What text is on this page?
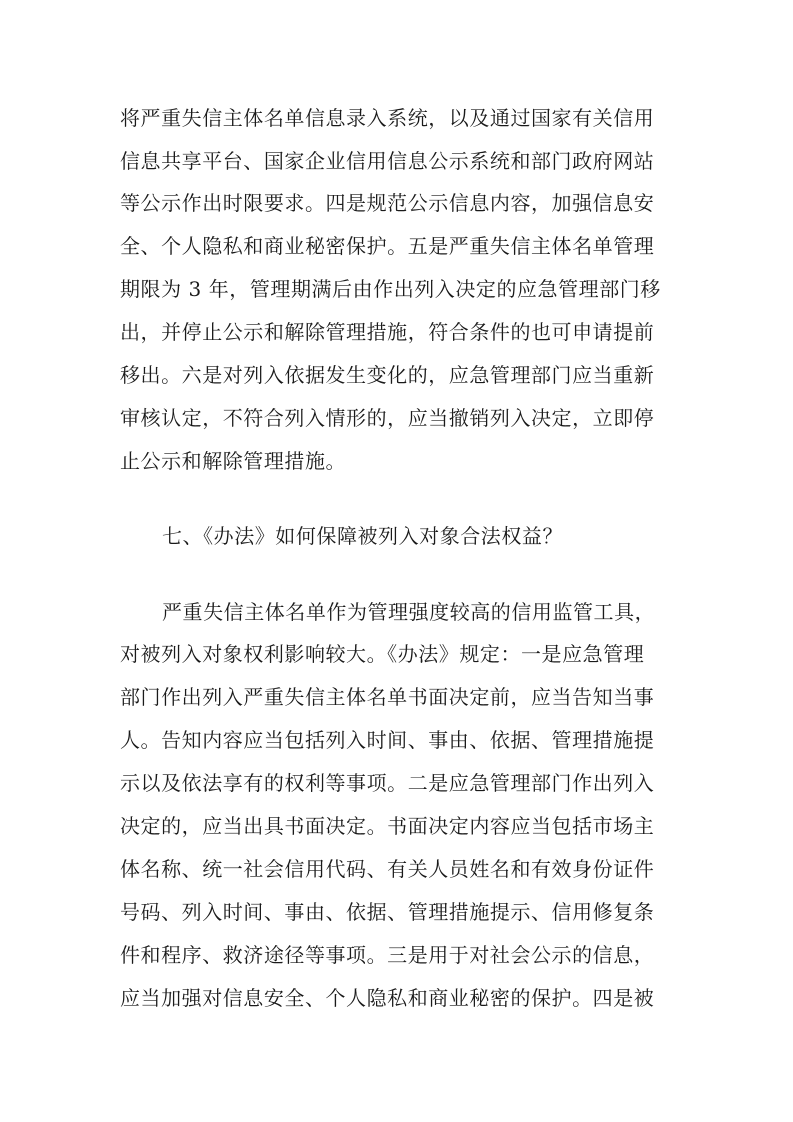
将严重失信主体名单信息录入系统，以及通过国家有关信用

信息共享平台、国家企业信用信息公示系统和部门政府网站

等公示作出时限要求。四是规范公示信息内容，加强信息安

全、个人隐私和商业秘密保护。五是严重失信主体名单管理

期限为 3 年，管理期满后由作出列入决定的应急管理部门移

出，并停止公示和解除管理措施，符合条件的也可申请提前

移出。六是对列入依据发生变化的，应急管理部门应当重新

审核认定，不符合列入情形的，应当撤销列入决定，立即停

止公示和解除管理措施。

七、《办法》如何保障被列入对象合法权益？

严重失信主体名单作为管理强度较高的信用监管工具，

对被列入对象权利影响较大。《办法》规定：一是应急管理

部门作出列入严重失信主体名单书面决定前，应当告知当事

人。告知内容应当包括列入时间、事由、依据、管理措施提

示以及依法享有的权利等事项。二是应急管理部门作出列入

决定的，应当出具书面决定。书面决定内容应当包括市场主

体名称、统一社会信用代码、有关人员姓名和有效身份证件

号码、列入时间、事由、依据、管理措施提示、信用修复条

件和程序、救济途径等事项。三是用于对社会公示的信息，

应当加强对信息安全、个人隐私和商业秘密的保护。四是被
